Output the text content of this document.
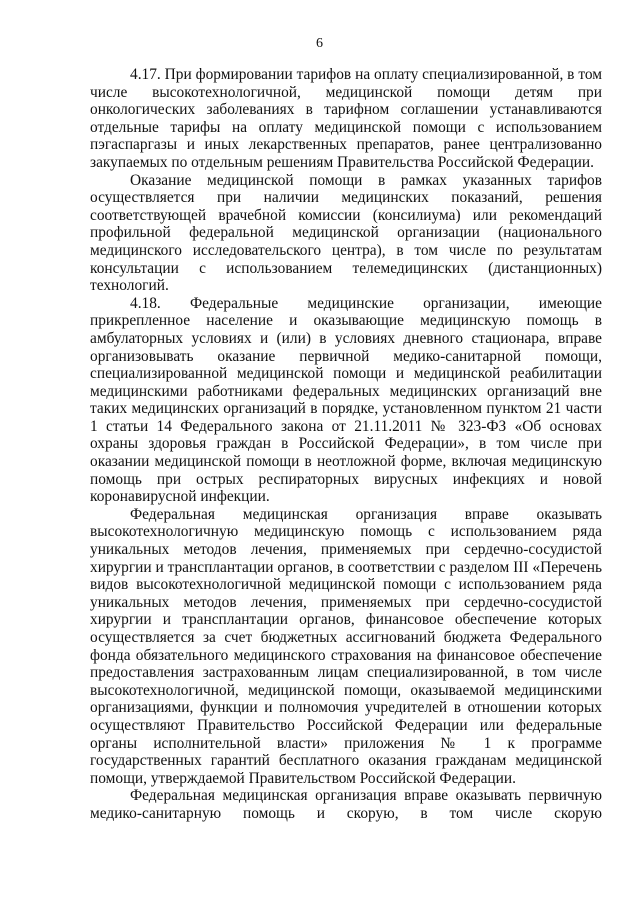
6

4.17. При формировании тарифов на оплату специализированной, в том числе высокотехнологичной, медицинской помощи детям при онкологических заболеваниях в тарифном соглашении устанавливаются отдельные тарифы на оплату медицинской помощи с использованием пэгаспаргазы и иных лекарственных препаратов, ранее централизованно закупаемых по отдельным решениям Правительства Российской Федерации.

Оказание медицинской помощи в рамках указанных тарифов осуществляется при наличии медицинских показаний, решения соответствующей врачебной комиссии (консилиума) или рекомендаций профильной федеральной медицинской организации (национального медицинского исследовательского центра), в том числе по результатам консультации с использованием телемедицинских (дистанционных) технологий.

4.18. Федеральные медицинские организации, имеющие прикрепленное население и оказывающие медицинскую помощь в амбулаторных условиях и (или) в условиях дневного стационара, вправе организовывать оказание первичной медико-санитарной помощи, специализированной медицинской помощи и медицинской реабилитации медицинскими работниками федеральных медицинских организаций вне таких медицинских организаций в порядке, установленном пунктом 21 части 1 статьи 14 Федерального закона от 21.11.2011 № 323-ФЗ «Об основах охраны здоровья граждан в Российской Федерации», в том числе при оказании медицинской помощи в неотложной форме, включая медицинскую помощь при острых респираторных вирусных инфекциях и новой коронавирусной инфекции.

Федеральная медицинская организация вправе оказывать высокотехнологичную медицинскую помощь с использованием ряда уникальных методов лечения, применяемых при сердечно-сосудистой хирургии и трансплантации органов, в соответствии с разделом III «Перечень видов высокотехнологичной медицинской помощи с использованием ряда уникальных методов лечения, применяемых при сердечно-сосудистой хирургии и трансплантации органов, финансовое обеспечение которых осуществляется за счет бюджетных ассигнований бюджета Федерального фонда обязательного медицинского страхования на финансовое обеспечение предоставления застрахованным лицам специализированной, в том числе высокотехнологичной, медицинской помощи, оказываемой медицинскими организациями, функции и полномочия учредителей в отношении которых осуществляют Правительство Российской Федерации или федеральные органы исполнительной власти» приложения № 1 к программе государственных гарантий бесплатного оказания гражданам медицинской помощи, утверждаемой Правительством Российской Федерации.

Федеральная медицинская организация вправе оказывать первичную медико-санитарную помощь и скорую, в том числе скорую
